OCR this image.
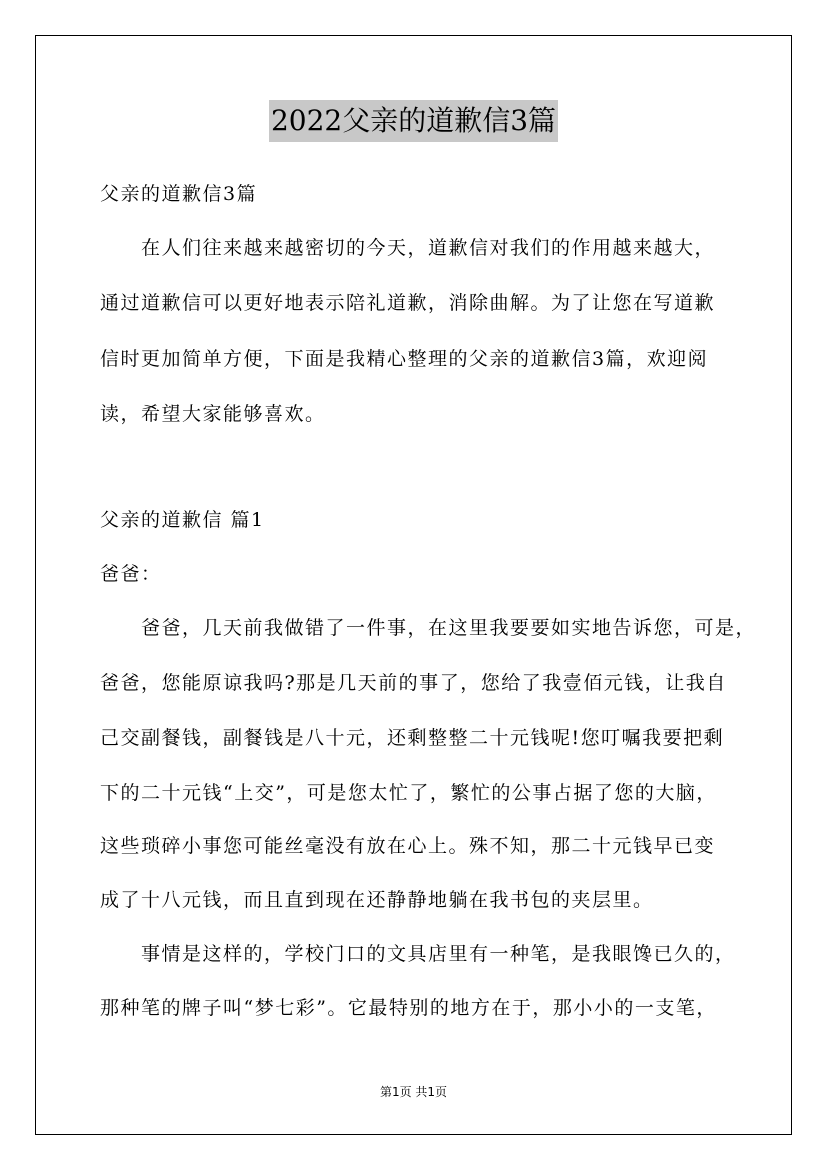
2022父亲的道歉信3篇
父亲的道歉信3篇
在人们往来越来越密切的今天，道歉信对我们的作用越来越大，
通过道歉信可以更好地表示陪礼道歉，消除曲解。为了让您在写道歉
信时更加简单方便，下面是我精心整理的父亲的道歉信3篇，欢迎阅
读，希望大家能够喜欢。
父亲的道歉信 篇1
爸爸：
爸爸，几天前我做错了一件事，在这里我要要如实地告诉您，可是，
爸爸，您能原谅我吗?那是几天前的事了，您给了我壹佰元钱，让我自
己交副餐钱，副餐钱是八十元，还剩整整二十元钱呢!您叮嘱我要把剩
下的二十元钱“上交”，可是您太忙了，繁忙的公事占据了您的大脑，
这些琐碎小事您可能丝毫没有放在心上。殊不知，那二十元钱早已变
成了十八元钱，而且直到现在还静静地躺在我书包的夹层里。
事情是这样的，学校门口的文具店里有一种笔，是我眼馋已久的，
那种笔的牌子叫“梦七彩”。它最特别的地方在于，那小小的一支笔，
第1页 共1页
